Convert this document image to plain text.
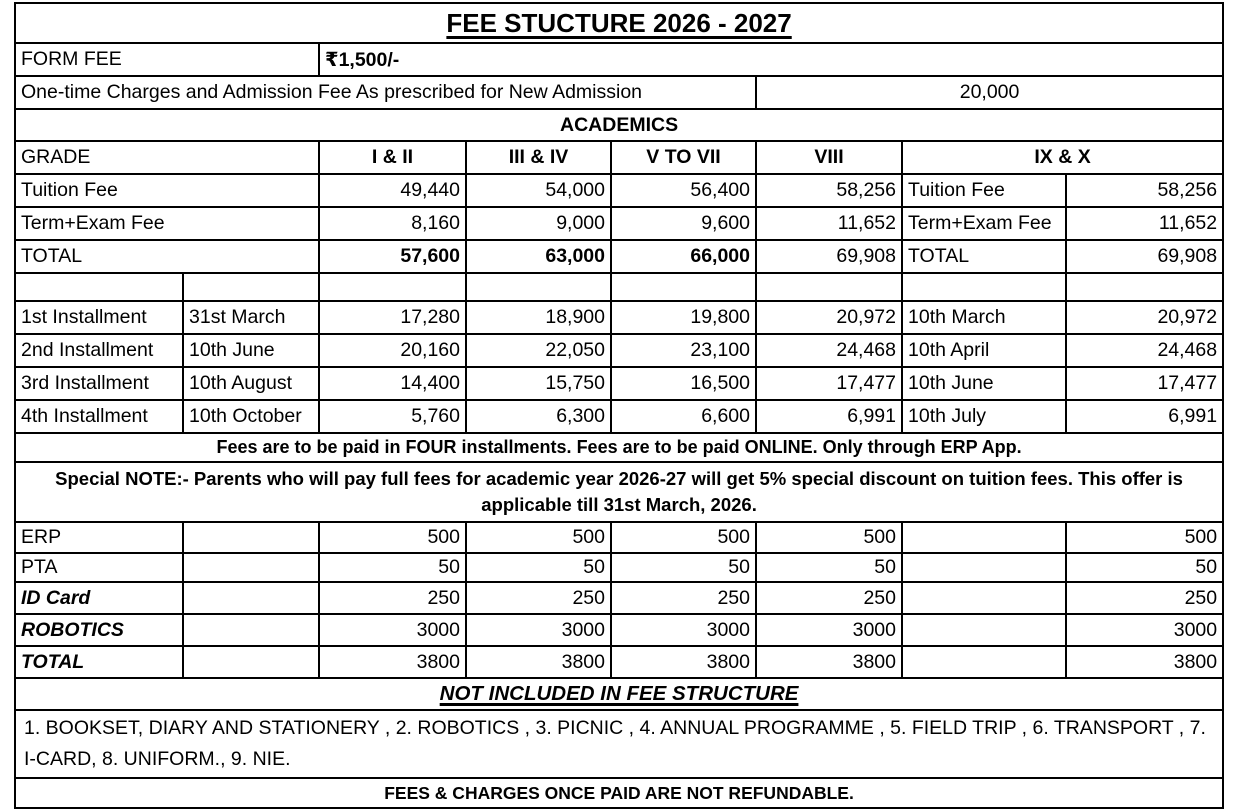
FEE STUCTURE 2026 - 2027							
FORM FEE		₹1,500/-					
One-time Charges and Admission Fee As prescribed for New Admission					20,000		
ACADEMICS							
GRADE		I & II	III & IV	V TO VII	VIII	IX & X	
Tuition Fee		49,440	54,000	56,400	58,256	Tuition Fee	58,256
Term+Exam Fee		8,160	9,000	9,600	11,652	Term+Exam Fee	11,652
TOTAL		57,600	63,000	66,000	69,908	TOTAL	69,908

1st Installment	31st March	17,280	18,900	19,800	20,972	10th March	20,972
2nd Installment	10th June	20,160	22,050	23,100	24,468	10th April	24,468
3rd Installment	10th August	14,400	15,750	16,500	17,477	10th June	17,477
4th Installment	10th October	5,760	6,300	6,600	6,991	10th July	6,991
Fees are to be paid in FOUR installments. Fees are to be paid ONLINE. Only through ERP App.							
Special NOTE:- Parents who will pay full fees for academic year 2026-27 will get 5% special discount on tuition fees. This offer is applicable till 31st March, 2026.							
ERP		500	500	500	500		500
PTA		50	50	50	50		50
ID Card		250	250	250	250		250
ROBOTICS		3000	3000	3000	3000		3000
TOTAL		3800	3800	3800	3800		3800
NOT INCLUDED IN FEE STRUCTURE							
1. BOOKSET, DIARY AND STATIONERY , 2. ROBOTICS , 3. PICNIC , 4. ANNUAL PROGRAMME , 5. FIELD TRIP , 6. TRANSPORT , 7. I-CARD, 8. UNIFORM., 9. NIE.							
FEES & CHARGES ONCE PAID ARE NOT REFUNDABLE.							
